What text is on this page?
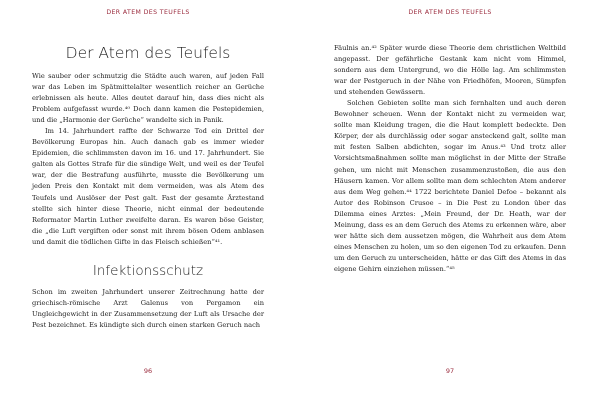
DER ATEM DES TEUFELS
Der Atem des Teufels

Wie sauber oder schmutzig die Städte auch waren, auf jeden Fall war das Leben im Spätmittelalter wesentlich reicher an Gerüche erlebnissen als heute. Alles deutet darauf hin, dass dies nicht als Problem aufgefasst wurde.⁴⁰ Doch dann kamen die Pestepidemien, und die „Harmonie der Gerüche“ wandelte sich in Panik.

Im 14. Jahrhundert raffte der Schwarze Tod ein Drittel der Bevölkerung Europas hin. Auch danach gab es immer wieder Epidemien, die schlimmsten davon im 16. und 17. Jahrhundert. Sie galten als Gottes Strafe für die sündige Welt, und weil es der Teufel war, der die Bestrafung ausführte, musste die Bevölkerung um jeden Preis den Kontakt mit dem vermeiden, was als Atem des Teufels und Auslöser der Pest galt. Fast der gesamte Ärztestand stellte sich hinter diese Theorie, nicht einmal der bedeutende Reformator Martin Luther zweifelte daran. Es waren böse Geister, die „die Luft vergiften oder sonst mit ihrem bösen Odem anblasen und damit die tödlichen Gifte in das Fleisch schießen“⁴¹.

Infektionsschutz

Schon im zweiten Jahrhundert unserer Zeitrechnung hatte der griechisch-römische Arzt Galenus von Pergamon ein Ungleichgewicht in der Zusammensetzung der Luft als Ursache der Pest bezeichnet. Es kündigte sich durch einen starken Geruch nach

96
DER ATEM DES TEUFELS

Fäulnis an.⁴² Später wurde diese Theorie dem christlichen Weltbild angepasst. Der gefährliche Gestank kam nicht vom Himmel, sondern aus dem Untergrund, wo die Hölle lag. Am schlimmsten war der Pestgeruch in der Nähe von Friedhöfen, Mooren, Sümpfen und stehenden Gewässern.

Solchen Gebieten sollte man sich fernhalten und auch deren Bewohner scheuen. Wenn der Kontakt nicht zu vermeiden war, sollte man Kleidung tragen, die die Haut komplett bedeckte. Den Körper, der als durchlässig oder sogar ansteckend galt, sollte man mit festen Salben abdichten, sogar im Anus.⁴³ Und trotz aller Vorsichtsmaßnahmen sollte man möglichst in der Mitte der Straße gehen, um nicht mit Menschen zusammenzustoßen, die aus den Häusern kamen. Vor allem sollte man dem schlechten Atem anderer aus dem Weg gehen.⁴⁴ 1722 berichtete Daniel Defoe – bekannt als Autor des Robinson Crusoe – in Die Pest zu London über das Dilemma eines Arztes: „Mein Freund, der Dr. Heath, war der Meinung, dass es an dem Geruch des Atems zu erkennen wäre, aber wer hätte sich dem aussetzen mögen, die Wahrheit aus dem Atem eines Menschen zu holen, um so den eigenen Tod zu erkaufen. Denn um den Geruch zu unterscheiden, hätte er das Gift des Atems in das eigene Gehirn einziehen müssen.“⁴⁵

97
